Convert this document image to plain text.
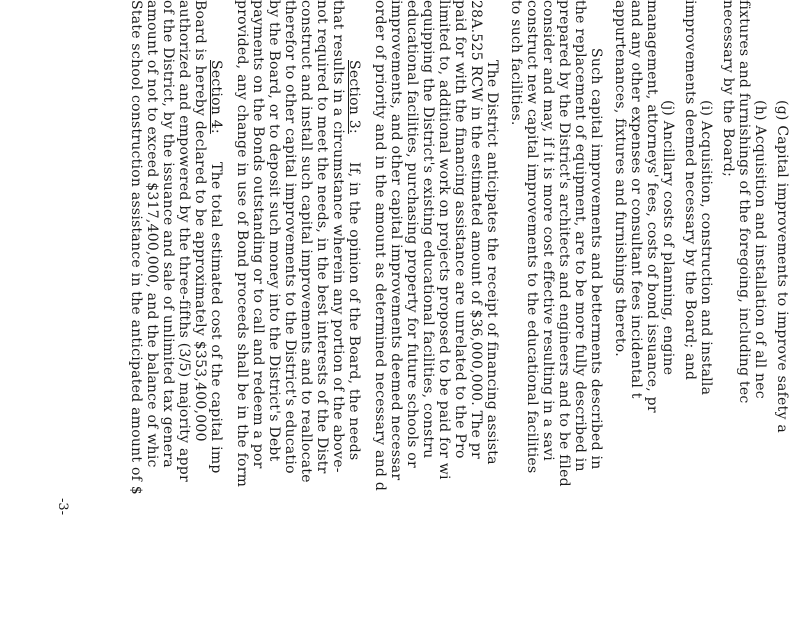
(g) Capital improvements to improve safety a
(h) Acquisition and installation of all nec
fixtures and furnishings of the foregoing, including tec
necessary by the Board;
(i) Acquisition, construction and installa
improvements deemed necessary by the Board; and
(j) Ancillary costs of planning, engine
management, attorneys' fees, costs of bond issuance, pr
and any other expenses or consultant fees incidental t
appurtenances, fixtures and furnishings thereto.
Such capital improvements and betterments described in
the replacement of equipment, are to be more fully described in
prepared by the District's architects and engineers and to be filed
consider and may, if it is more cost effective resulting in a savi
construct new capital improvements to the educational facilities
to such facilities.
The District anticipates the receipt of financing assista
28A.525 RCW in the estimated amount of $36,000,000. The pr
paid for with the financing assistance are unrelated to the Pro
limited to, additional work on projects proposed to be paid for wi
equipping the District's existing educational facilities, constru
educational facilities, purchasing property for future schools or
improvements, and other capital improvements deemed necessar
order of priority and in the amount as determined necessary and d
Section 3:      If, in the opinion of the Board, the needs
that results in a circumstance wherein any portion of the above-
not required to meet the needs, in the best interests of the Distr
construct and install such capital improvements and to reallocate
therefor to other capital improvements to the District's educatio
by the Board, or to deposit such money into the District's Debt
payments on the Bonds outstanding or to call and redeem a por
provided, any change in use of Bond proceeds shall be in the form
Section 4:      The total estimated cost of the capital imp
Board is hereby declared to be approximately $353,400,000
authorized and empowered by the three-fifths (3/5) majority appr
of the District, by the issuance and sale of unlimited tax genera
amount of not to exceed $317,400,000, and the balance of whic
State school construction assistance in the anticipated amount of $
-3-
